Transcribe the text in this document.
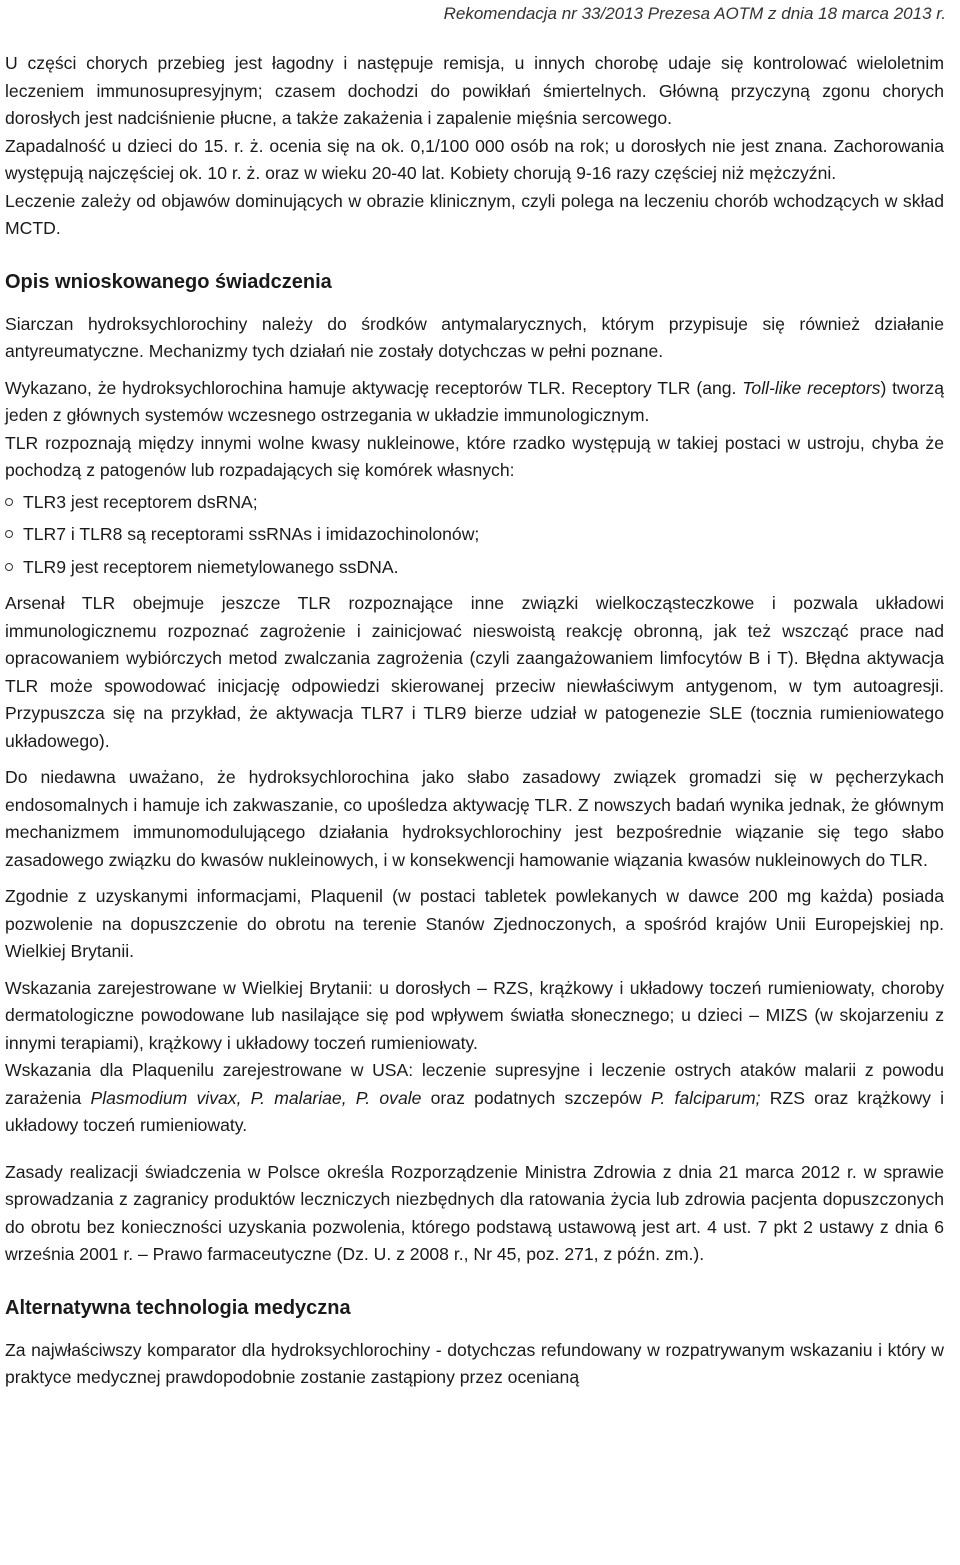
Rekomendacja nr 33/2013 Prezesa AOTM z dnia 18 marca 2013 r.

U części chorych przebieg jest łagodny i następuje remisja, u innych chorobę udaje się kontrolować wieloletnim leczeniem immunosupresyjnym; czasem dochodzi do powikłań śmiertelnych. Główną przyczyną zgonu chorych dorosłych jest nadciśnienie płucne, a także zakażenia i zapalenie mięśnia sercowego.

Zapadalność u dzieci do 15. r. ż. ocenia się na ok. 0,1/100 000 osób na rok; u dorosłych nie jest znana. Zachorowania występują najczęściej ok. 10 r. ż. oraz w wieku 20-40 lat. Kobiety chorują 9-16 razy częściej niż mężczyźni.

Leczenie zależy od objawów dominujących w obrazie klinicznym, czyli polega na leczeniu chorób wchodzących w skład MCTD.

Opis wnioskowanego świadczenia

Siarczan hydroksychlorochiny należy do środków antymalarycznych, którym przypisuje się również działanie antyreumatyczne. Mechanizmy tych działań nie zostały dotychczas w pełni poznane.

Wykazano, że hydroksychlorochina hamuje aktywację receptorów TLR. Receptory TLR (ang. Toll-like receptors) tworzą jeden z głównych systemów wczesnego ostrzegania w układzie immunologicznym.

TLR rozpoznają między innymi wolne kwasy nukleinowe, które rzadko występują w takiej postaci w ustroju, chyba że pochodzą z patogenów lub rozpadających się komórek własnych:

TLR3 jest receptorem dsRNA;
TLR7 i TLR8 są receptorami ssRNAs i imidazochinolonów;
TLR9 jest receptorem niemetylowanego ssDNA.

Arsenał TLR obejmuje jeszcze TLR rozpoznające inne związki wielkocząsteczkowe i pozwala układowi immunologicznemu rozpoznać zagrożenie i zainicjować nieswoistą reakcję obronną, jak też wszcząć prace nad opracowaniem wybiórczych metod zwalczania zagrożenia (czyli zaangażowaniem limfocytów B i T). Błędna aktywacja TLR może spowodować inicjację odpowiedzi skierowanej przeciw niewłaściwym antygenom, w tym autoagresji. Przypuszcza się na przykład, że aktywacja TLR7 i TLR9 bierze udział w patogenezie SLE (tocznia rumieniowatego układowego).

Do niedawna uważano, że hydroksychlorochina jako słabo zasadowy związek gromadzi się w pęcherzykach endosomalnych i hamuje ich zakwaszanie, co upośledza aktywację TLR. Z nowszych badań wynika jednak, że głównym mechanizmem immunomodulującego działania hydroksychlorochiny jest bezpośrednie wiązanie się tego słabo zasadowego związku do kwasów nukleinowych, i w konsekwencji hamowanie wiązania kwasów nukleinowych do TLR.

Zgodnie z uzyskanymi informacjami, Plaquenil (w postaci tabletek powlekanych w dawce 200 mg każda) posiada pozwolenie na dopuszczenie do obrotu na terenie Stanów Zjednoczonych, a spośród krajów Unii Europejskiej np. Wielkiej Brytanii.

Wskazania zarejestrowane w Wielkiej Brytanii: u dorosłych – RZS, krążkowy i układowy toczeń rumieniowaty, choroby dermatologiczne powodowane lub nasilające się pod wpływem światła słonecznego; u dzieci – MIZS (w skojarzeniu z innymi terapiami), krążkowy i układowy toczeń rumieniowaty.

Wskazania dla Plaquenilu zarejestrowane w USA: leczenie supresyjne i leczenie ostrych ataków malarii z powodu zarażenia Plasmodium vivax, P. malariae, P. ovale oraz podatnych szczepów P. falciparum; RZS oraz krążkowy i układowy toczeń rumieniowaty.

Zasady realizacji świadczenia w Polsce określa Rozporządzenie Ministra Zdrowia z dnia 21 marca 2012 r. w sprawie sprowadzania z zagranicy produktów leczniczych niezbędnych dla ratowania życia lub zdrowia pacjenta dopuszczonych do obrotu bez konieczności uzyskania pozwolenia, którego podstawą ustawową jest art. 4 ust. 7 pkt 2 ustawy z dnia 6 września 2001 r. – Prawo farmaceutyczne (Dz. U. z 2008 r., Nr 45, poz. 271, z późn. zm.).

Alternatywna technologia medyczna

Za najwłaściwszy komparator dla hydroksychlorochiny - dotychczas refundowany w rozpatrywanym wskazaniu i który w praktyce medycznej prawdopodobnie zostanie zastąpiony przez ocenianą
